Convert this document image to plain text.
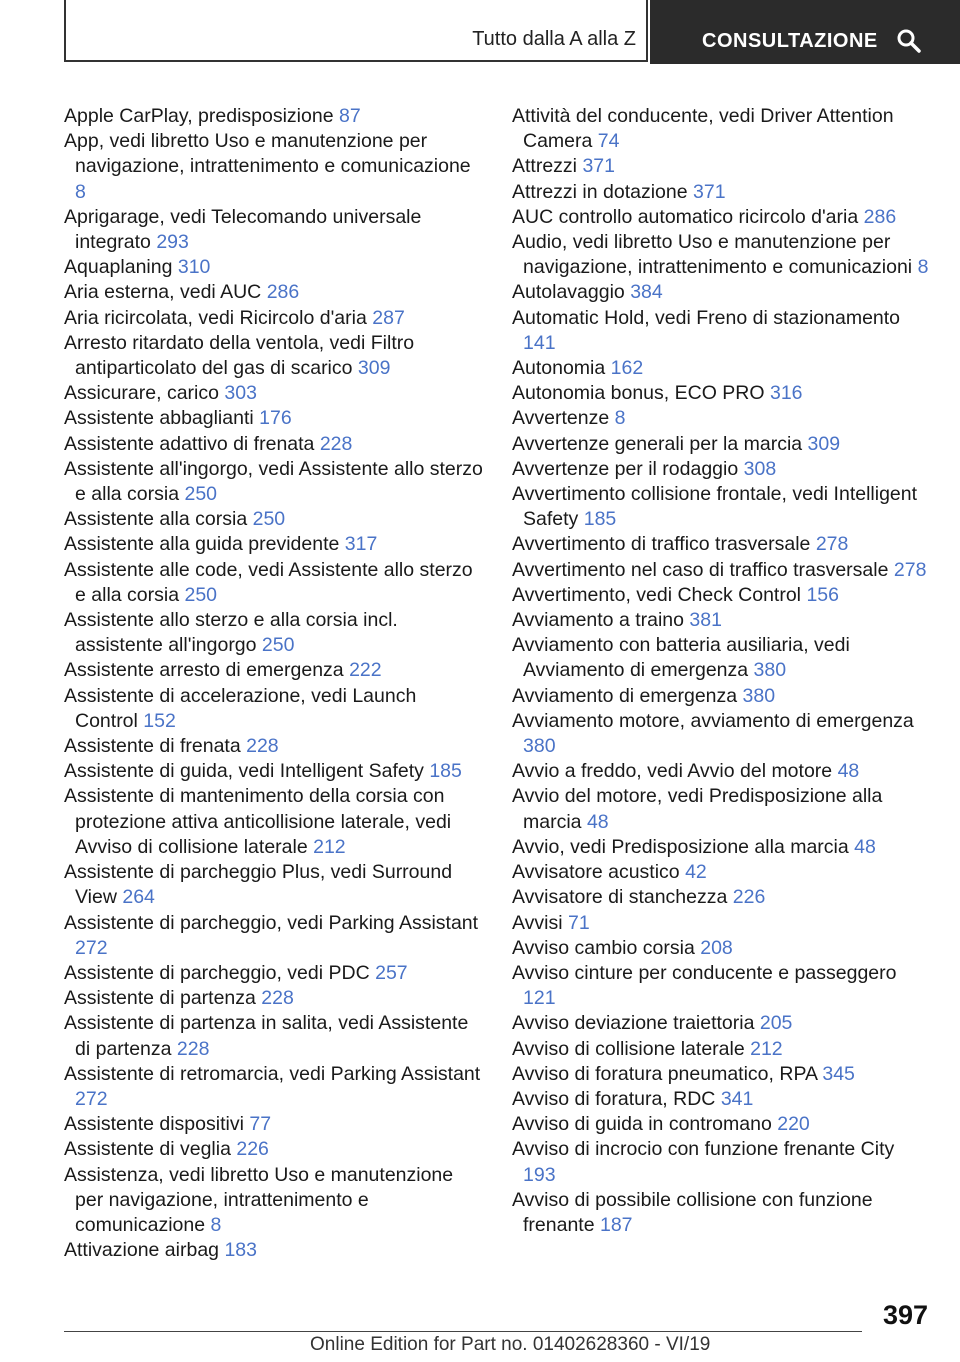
Tutto dalla A alla Z	CONSULTAZIONE
Apple CarPlay, predisposizione 87
App, vedi libretto Uso e manutenzione per navigazione, intrattenimento e comunicazione 8
Aprigarage, vedi Telecomando universale integrato 293
Aquaplaning 310
Aria esterna, vedi AUC 286
Aria ricircolata, vedi Ricircolo d'aria 287
Arresto ritardato della ventola, vedi Filtro antiparticolato del gas di scarico 309
Assicurare, carico 303
Assistente abbaglianti 176
Assistente adattivo di frenata 228
Assistente all'ingorgo, vedi Assistente allo sterzo e alla corsia 250
Assistente alla corsia 250
Assistente alla guida previdente 317
Assistente alle code, vedi Assistente allo sterzo e alla corsia 250
Assistente allo sterzo e alla corsia incl. assistente all'ingorgo 250
Assistente arresto di emergenza 222
Assistente di accelerazione, vedi Launch Control 152
Assistente di frenata 228
Assistente di guida, vedi Intelligent Safety 185
Assistente di mantenimento della corsia con protezione attiva anticollisione laterale, vedi Avviso di collisione laterale 212
Assistente di parcheggio Plus, vedi Surround View 264
Assistente di parcheggio, vedi Parking Assistant 272
Assistente di parcheggio, vedi PDC 257
Assistente di partenza 228
Assistente di partenza in salita, vedi Assistente di partenza 228
Assistente di retromarcia, vedi Parking Assistant 272
Assistente dispositivi 77
Assistente di veglia 226
Assistenza, vedi libretto Uso e manutenzione per navigazione, intrattenimento e comunicazione 8
Attivazione airbag 183
Attività del conducente, vedi Driver Attention Camera 74
Attrezzi 371
Attrezzi in dotazione 371
AUC controllo automatico ricircolo d'aria 286
Audio, vedi libretto Uso e manutenzione per navigazione, intrattenimento e comunicazioni 8
Autolavaggio 384
Automatic Hold, vedi Freno di stazionamento 141
Autonomia 162
Autonomia bonus, ECO PRO 316
Avvertenze 8
Avvertenze generali per la marcia 309
Avvertenze per il rodaggio 308
Avvertimento collisione frontale, vedi Intelligent Safety 185
Avvertimento di traffico trasversale 278
Avvertimento nel caso di traffico trasversale 278
Avvertimento, vedi Check Control 156
Avviamento a traino 381
Avviamento con batteria ausiliaria, vedi Avviamento di emergenza 380
Avviamento di emergenza 380
Avviamento motore, avviamento di emergenza 380
Avvio a freddo, vedi Avvio del motore 48
Avvio del motore, vedi Predisposizione alla marcia 48
Avvio, vedi Predisposizione alla marcia 48
Avvisatore acustico 42
Avvisatore di stanchezza 226
Avvisi 71
Avviso cambio corsia 208
Avviso cinture per conducente e passeggero 121
Avviso deviazione traiettoria 205
Avviso di collisione laterale 212
Avviso di foratura pneumatico, RPA 345
Avviso di foratura, RDC 341
Avviso di guida in contromano 220
Avviso di incrocio con funzione frenante City 193
Avviso di possibile collisione con funzione frenante 187
397
Online Edition for Part no. 01402628360 - VI/19
